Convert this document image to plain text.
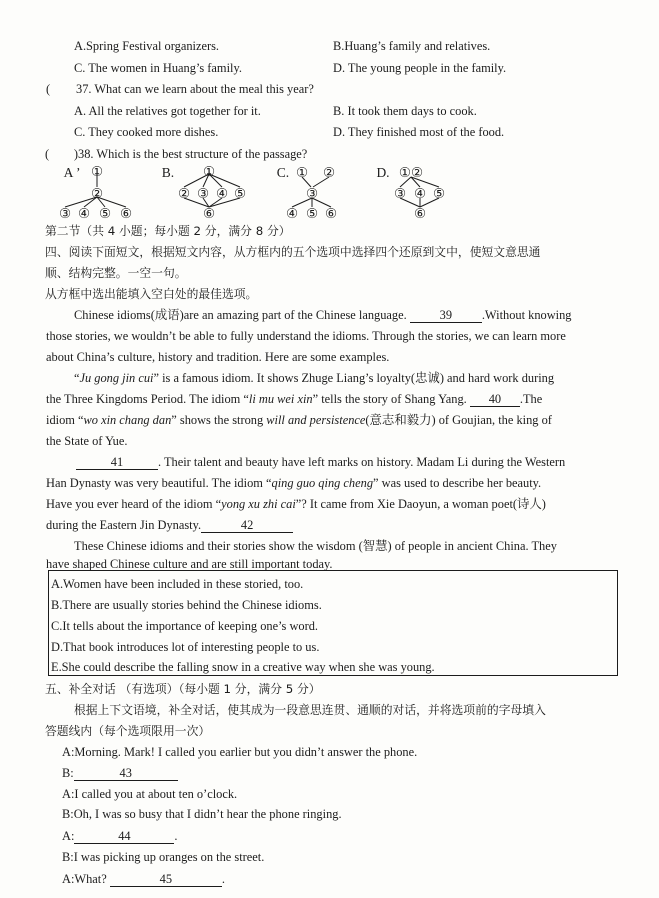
A.Spring Festival organizers.	B.Huang’s family and relatives.
C. The women in Huang’s family.	D. The young people in the family.
( 37. What can we learn about the meal this year?
A. All the relatives got together for it.	B. It took them days to cook.
C. They cooked more dishes.	D. They finished most of the food.
(　　)38. Which is the best structure of the passage?
A ’ ①
②
③ ④ ⑤ ⑥
B. ①
② ③ ④ ⑤
⑥
C. ① ②
③
④ ⑤ ⑥
D. ①②
③ ④ ⑤
⑥
第二节（共 4 小题；每小题 2 分，满分 8 分）
四、阅读下面短文，根据短文内容，从方框内的五个选项中选择四个还原到文中，使短文意思通
顺、结构完整。一空一句。
从方框中选出能填入空白处的最佳选项。
Chinese idioms(成语)are an amazing part of the Chinese language. 39 .Without knowing
those stories, we wouldn’t be able to fully understand the idioms. Through the stories, we can learn more
about China’s culture, history and tradition. Here are some examples.
“Ju gong jin cui” is a famous idiom. It shows Zhuge Liang’s loyalty(忠诚) and hard work during
the Three Kingdoms Period. The idiom “li mu wei xin” tells the story of Shang Yang. 40 .The
idiom “wo xin chang dan” shows the strong will and persistence(意志和毅力) of Goujian, the king of
the State of Yue.
41	. Their talent and beauty have left marks on history. Madam Li during the Western
Han Dynasty was very beautiful. The idiom “qing guo qing cheng” was used to describe her beauty.
Have you ever heard of the idiom “yong xu zhi cai”? It came from Xie Daoyun, a woman poet(诗人)
during the Eastern Jin Dynasty.	42
These Chinese idioms and their stories show the wisdom (智慧) of people in ancient China. They
have shaped Chinese culture and are still important today.
A.Women have been included in these storied, too.
B.There are usually stories behind the Chinese idioms.
C.It tells about the importance of keeping one’s word.
D.That book introduces lot of interesting people to us.
E.She could describe the falling snow in a creative way when she was young.
五、补全对话 （有选项）（每小题 1 分，满分 5 分）
根据上下文语境，补全对话，使其成为一段意思连贯、通顺的对话，并将选项前的字母填入
答题线内（每个选项限用一次）
A:Morning. Mark! I called you earlier but you didn’t answer the phone.
B:	43
A:I called you at about ten o’clock.
B:Oh, I was so busy that I didn’t hear the phone ringing.
A:	44	.
B:I was picking up oranges on the street.
A:What?	45	.
